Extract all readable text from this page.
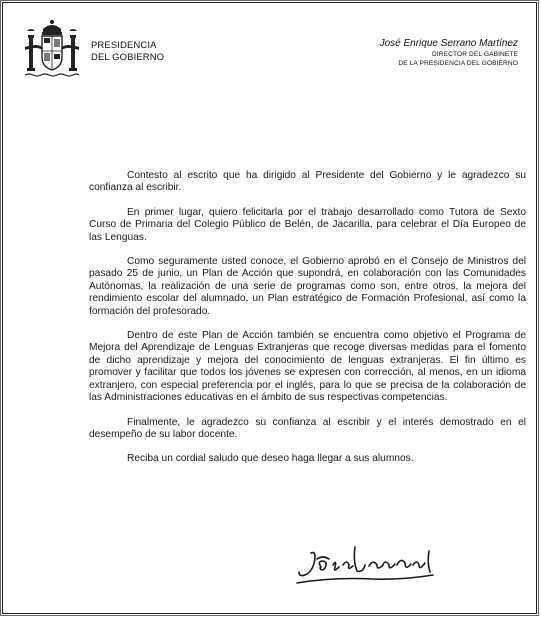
PRESIDENCIA
DEL GOBIERNO
José Enrique Serrano Martínez
DIRECTOR DEL GABINETE
DE LA PRESIDENCIA DEL GOBIERNO

Contesto al escrito que ha dirigido al Presidente del Gobierno y le agradezco su confianza al escribir.

En primer lugar, quiero felicitarla por el trabajo desarrollado como Tutora de Sexto Curso de Primaria del Colegio Público de Belén, de Jacarilla, para celebrar el Día Europeo de las Lenguas.

Como seguramente usted conoce, el Gobierno aprobó en el Consejo de Ministros del pasado 25 de junio, un Plan de Acción que supondrá, en colaboración con las Comunidades Autónomas, la realización de una serie de programas como son, entre otros, la mejora del rendimiento escolar del alumnado, un Plan estratégico de Formación Profesional, así como la formación del profesorado.

Dentro de este Plan de Acción también se encuentra como objetivo el Programa de Mejora del Aprendizaje de Lenguas Extranjeras que recoge diversas medidas para el fomento de dicho aprendizaje y mejora del conocimiento de lenguas extranjeras. El fin último es promover y facilitar que todos los jóvenes se expresen con corrección, al menos, en un idioma extranjero, con especial preferencia por el inglés, para lo que se precisa de la colaboración de las Administraciones educativas en el ámbito de sus respectivas competencias.

Finalmente, le agradezco su confianza al escribir y el interés demostrado en el desempeño de su labor docente.

Reciba un cordial saludo que deseo haga llegar a sus alumnos.
